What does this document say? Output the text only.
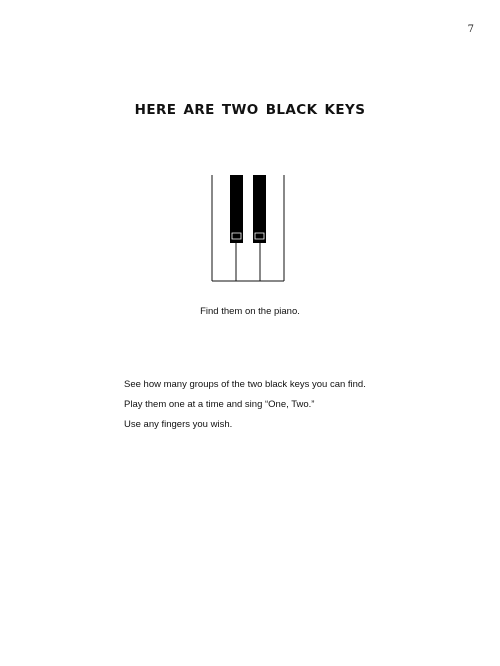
7
HERE ARE TWO BLACK KEYS
Find them on the piano.

See how many groups of the two black keys you can find.

Play them one at a time and sing “One, Two.”

Use any fingers you wish.
